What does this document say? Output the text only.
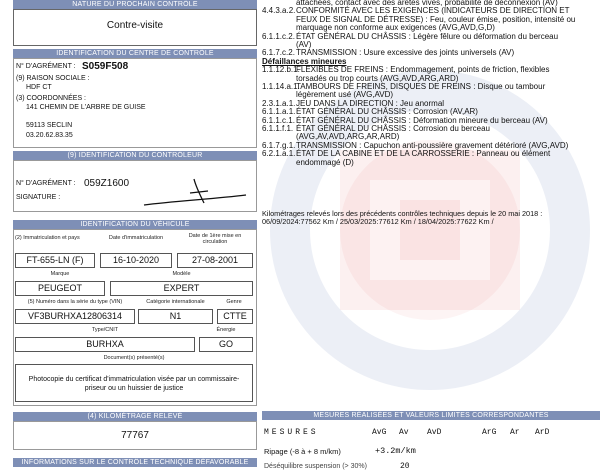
NATURE DU PROCHAIN CONTRÔLE
Contre-visite
IDENTIFICATION DU CENTRE DE CONTRÔLE
N° D'AGRÉMENT : S059F508
(9) RAISON SOCIALE :
HDF CT
(3) COORDONNÉES :
141 CHEMIN DE L'ARBRE DE GUISE
59113 SECLIN
03.20.62.83.35
(9) IDENTIFICATION DU CONTRÔLEUR
N° D'AGRÉMENT : 059Z1600
SIGNATURE :
IDENTIFICATION DU VÉHICULE
(2) Immatriculation et pays	Date d'immatriculation	Date de 1ère mise en circulation
FT-655-LN (F)	16-10-2020	27-08-2001
Marque	Modèle
PEUGEOT	EXPERT
(5) Numéro dans la série du type (VIN)	Catégorie internationale	Genre
VF3BURHXA12806314	N1	CTTE
Type/CNIT	Énergie
BURHXA	GO
Document(s) présenté(s)
Photocopie du certificat d'immatriculation visée par un commissaire-priseur ou un huissier de justice
(4) KILOMÉTRAGE RELEVÉ
77767
INFORMATIONS SUR LE CONTRÔLE TECHNIQUE DÉFAVORABLE
attachées, contact avec des arêtes vives, probabilité de déconnexion (AV)
4.4.3.a.2.CONFORMITÉ AVEC LES EXIGENCES (INDICATEURS DE DIRECTION ET
FEUX DE SIGNAL DE DÉTRESSE) : Feu, couleur émise, position, intensité ou
marquage non conforme aux exigences (AVG,AVD,G,D)
6.1.1.c.2.ÉTAT GÉNÉRAL DU CHÂSSIS : Légère fêlure ou déformation du berceau
(AV)
6.1.7.c.2.TRANSMISSION : Usure excessive des joints universels (AV)
Défaillances mineures
1.1.12.b.1.FLEXIBLES DE FREINS : Endommagement, points de friction, flexibles
torsadés ou trop courts (AVG,AVD,ARG,ARD)
1.1.14.a.1.TAMBOURS DE FREINS, DISQUES DE FREINS : Disque ou tambour
légèrement usé (AVG,AVD)
2.3.1.a.1.JEU DANS LA DIRECTION : Jeu anormal
6.1.1.a.1.ÉTAT GÉNÉRAL DU CHÂSSIS : Corrosion (AV,AR)
6.1.1.c.1.ÉTAT GÉNÉRAL DU CHÂSSIS : Déformation mineure du berceau (AV)
6.1.1.f.1. ÉTAT GÉNÉRAL DU CHÂSSIS : Corrosion du berceau
(AVG,AV,AVD,ARG,AR,ARD)
6.1.7.g.1.TRANSMISSION : Capuchon anti-poussière gravement détérioré (AVG,AVD)
6.2.1.a.1.ÉTAT DE LA CABINE ET DE LA CARROSSERIE : Panneau ou élément
endommagé (D)
Kilométrages relevés lors des précédents contrôles techniques depuis le 20 mai 2018 :
06/09/2024:77562 Km / 25/03/2025:77612 Km / 18/04/2025:77622 Km /
MESURES RÉALISÉES ET VALEURS LIMITES CORRESPONDANTES
MESURES	AvG Av AvD	ArG Ar ArD
Ripage (-8 à + 8 m/km)	+3.2m/km
Déséquilibre suspension (> 30%)	20
